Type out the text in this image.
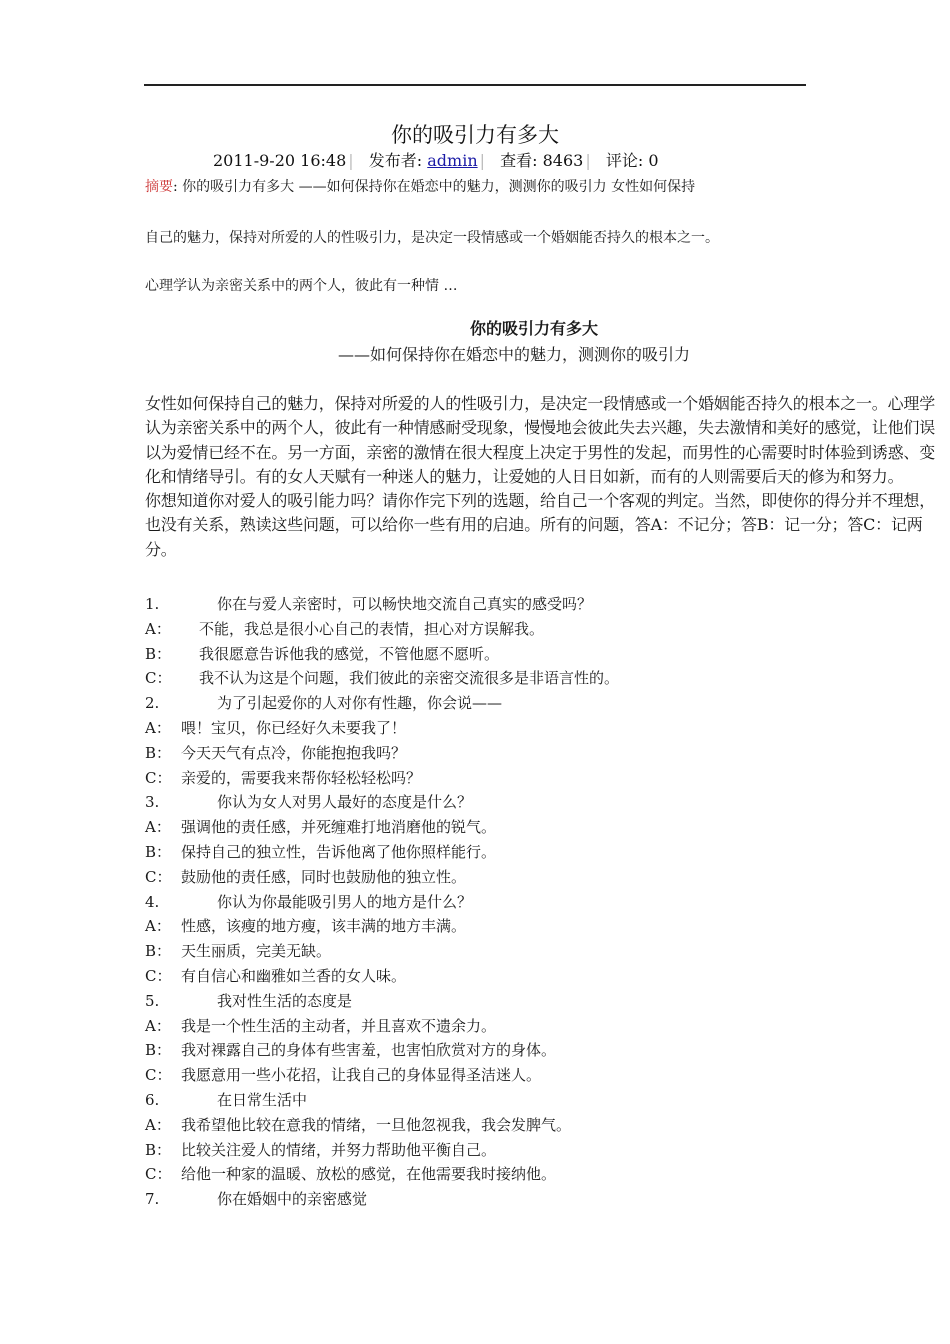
你的吸引力有多大
2011-9-20 16:48 | 发布者: admin | 查看: 8463 | 评论: 0
摘要: 你的吸引力有多大 ——如何保持你在婚恋中的魅力，测测你的吸引力 女性如何保持
自己的魅力，保持对所爱的人的性吸引力，是决定一段情感或一个婚姻能否持久的根本之一。
心理学认为亲密关系中的两个人，彼此有一种情 …
你的吸引力有多大
——如何保持你在婚恋中的魅力，测测你的吸引力

女性如何保持自己的魅力，保持对所爱的人的性吸引力，是决定一段情感或一个婚姻能否持久的根本之一。心理学认为亲密关系中的两个人，彼此有一种情感耐受现象，慢慢地会彼此失去兴趣，失去激情和美好的感觉，让他们误以为爱情已经不在。另一方面，亲密的激情在很大程度上决定于男性的发起，而男性的心需要时时体验到诱惑、变化和情绪导引。有的女人天赋有一种迷人的魅力，让爱她的人日日如新，而有的人则需要后天的修为和努力。

你想知道你对爱人的吸引能力吗？请你作完下列的选题，给自己一个客观的判定。当然，即使你的得分并不理想，也没有关系，熟读这些问题，可以给你一些有用的启迪。所有的问题，答A：不记分；答B：记一分；答C：记两分。

1.	你在与爱人亲密时，可以畅快地交流自己真实的感受吗？
A： 不能，我总是很小心自己的表情，担心对方误解我。
B： 我很愿意告诉他我的感觉，不管他愿不愿听。
C： 我不认为这是个问题，我们彼此的亲密交流很多是非语言性的。
2.	为了引起爱你的人对你有性趣，你会说——
A： 喂！宝贝，你已经好久未要我了！
B： 今天天气有点冷，你能抱抱我吗？
C： 亲爱的，需要我来帮你轻松轻松吗？
3.	你认为女人对男人最好的态度是什么？
A： 强调他的责任感，并死缠难打地消磨他的锐气。
B： 保持自己的独立性，告诉他离了他你照样能行。
C： 鼓励他的责任感，同时也鼓励他的独立性。
4.	你认为你最能吸引男人的地方是什么？
A： 性感，该瘦的地方瘦，该丰满的地方丰满。
B： 天生丽质，完美无缺。
C： 有自信心和幽雅如兰香的女人味。
5.	我对性生活的态度是
A： 我是一个性生活的主动者，并且喜欢不遗余力。
B： 我对裸露自己的身体有些害羞，也害怕欣赏对方的身体。
C： 我愿意用一些小花招，让我自己的身体显得圣洁迷人。
6.	在日常生活中
A： 我希望他比较在意我的情绪，一旦他忽视我，我会发脾气。
B： 比较关注爱人的情绪，并努力帮助他平衡自己。
C： 给他一种家的温暖、放松的感觉，在他需要我时接纳他。
7.	你在婚姻中的亲密感觉
